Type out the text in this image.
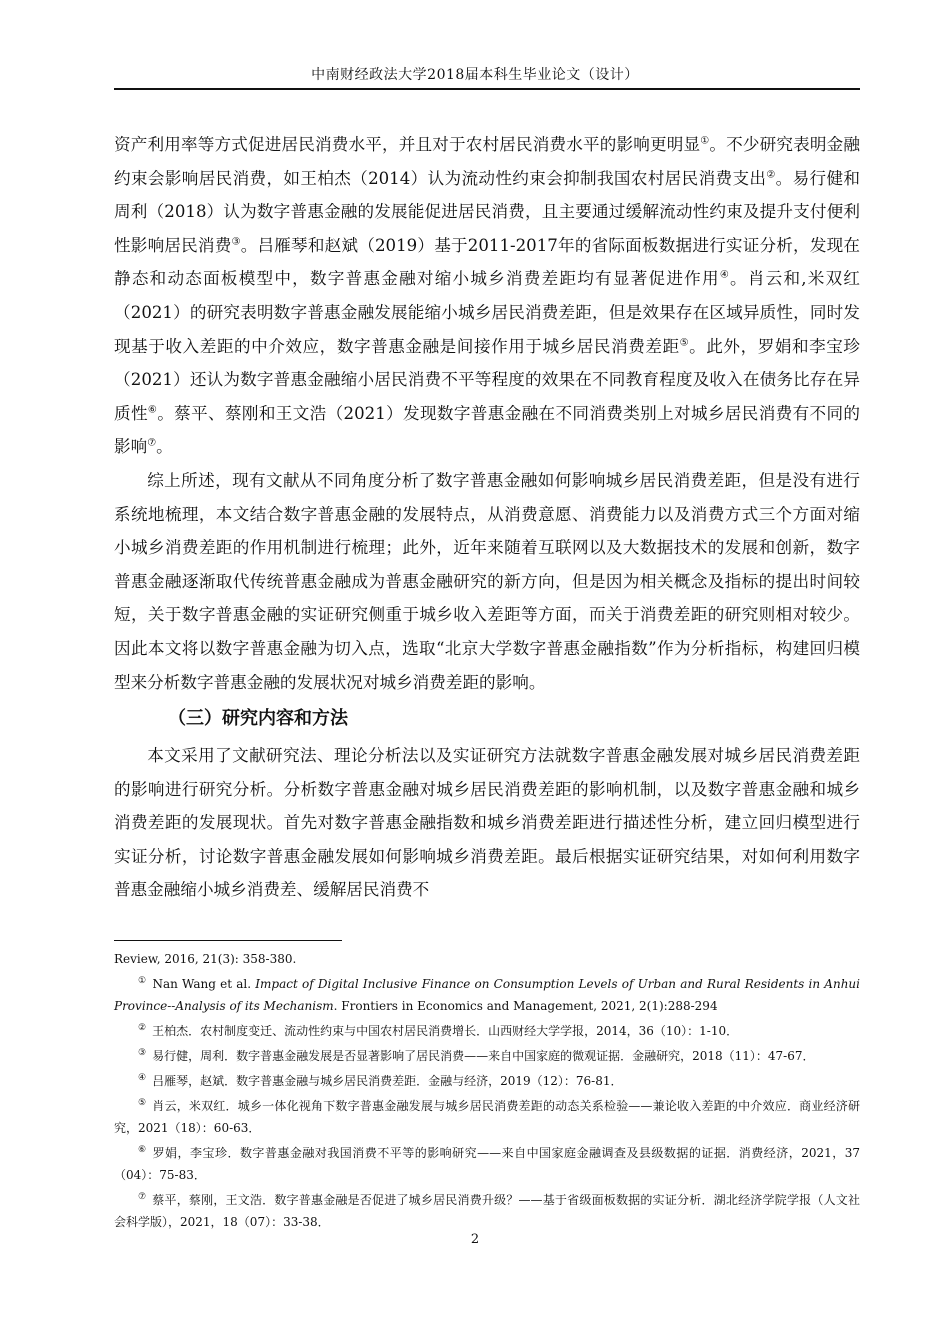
中南财经政法大学2018届本科生毕业论文（设计）

资产利用率等方式促进居民消费水平，并且对于农村居民消费水平的影响更明显①。不少研究表明金融约束会影响居民消费，如王柏杰（2014）认为流动性约束会抑制我国农村居民消费支出②。易行健和周利（2018）认为数字普惠金融的发展能促进居民消费，且主要通过缓解流动性约束及提升支付便利性影响居民消费③。吕雁琴和赵斌（2019）基于2011-2017年的省际面板数据进行实证分析，发现在静态和动态面板模型中，数字普惠金融对缩小城乡消费差距均有显著促进作用④。肖云和,米双红（2021）的研究表明数字普惠金融发展能缩小城乡居民消费差距，但是效果存在区域异质性，同时发现基于收入差距的中介效应，数字普惠金融是间接作用于城乡居民消费差距⑤。此外，罗娟和李宝珍（2021）还认为数字普惠金融缩小居民消费不平等程度的效果在不同教育程度及收入在债务比存在异质性⑥。蔡平、蔡刚和王文浩（2021）发现数字普惠金融在不同消费类别上对城乡居民消费有不同的影响⑦。

综上所述，现有文献从不同角度分析了数字普惠金融如何影响城乡居民消费差距，但是没有进行系统地梳理，本文结合数字普惠金融的发展特点，从消费意愿、消费能力以及消费方式三个方面对缩小城乡消费差距的作用机制进行梳理；此外，近年来随着互联网以及大数据技术的发展和创新，数字普惠金融逐渐取代传统普惠金融成为普惠金融研究的新方向，但是因为相关概念及指标的提出时间较短，关于数字普惠金融的实证研究侧重于城乡收入差距等方面，而关于消费差距的研究则相对较少。因此本文将以数字普惠金融为切入点，选取“北京大学数字普惠金融指数”作为分析指标，构建回归模型来分析数字普惠金融的发展状况对城乡消费差距的影响。

（三）研究内容和方法

本文采用了文献研究法、理论分析法以及实证研究方法就数字普惠金融发展对城乡居民消费差距的影响进行研究分析。分析数字普惠金融对城乡居民消费差距的影响机制，以及数字普惠金融和城乡消费差距的发展现状。首先对数字普惠金融指数和城乡消费差距进行描述性分析，建立回归模型进行实证分析，讨论数字普惠金融发展如何影响城乡消费差距。最后根据实证研究结果，对如何利用数字普惠金融缩小城乡消费差、缓解居民消费不

Review, 2016, 21(3): 358-380.

① Nan Wang et al. Impact of Digital Inclusive Finance on Consumption Levels of Urban and Rural Residents in Anhui Province--Analysis of its Mechanism. Frontiers in Economics and Management, 2021, 2(1):288-294

② 王柏杰．农村制度变迁、流动性约束与中国农村居民消费增长．山西财经大学学报，2014，36（10）：1-10．

③ 易行健，周利．数字普惠金融发展是否显著影响了居民消费——来自中国家庭的微观证据．金融研究，2018（11）：47-67．

④ 吕雁琴，赵斌．数字普惠金融与城乡居民消费差距．金融与经济，2019（12）：76-81．

⑤ 肖云，米双红．城乡一体化视角下数字普惠金融发展与城乡居民消费差距的动态关系检验——兼论收入差距的中介效应．商业经济研究，2021（18）：60-63．

⑥ 罗娟，李宝珍．数字普惠金融对我国消费不平等的影响研究——来自中国家庭金融调查及县级数据的证据．消费经济，2021，37（04）：75-83．

⑦ 蔡平，蔡刚，王文浩．数字普惠金融是否促进了城乡居民消费升级？——基于省级面板数据的实证分析．湖北经济学院学报（人文社会科学版），2021，18（07）：33-38．

2
